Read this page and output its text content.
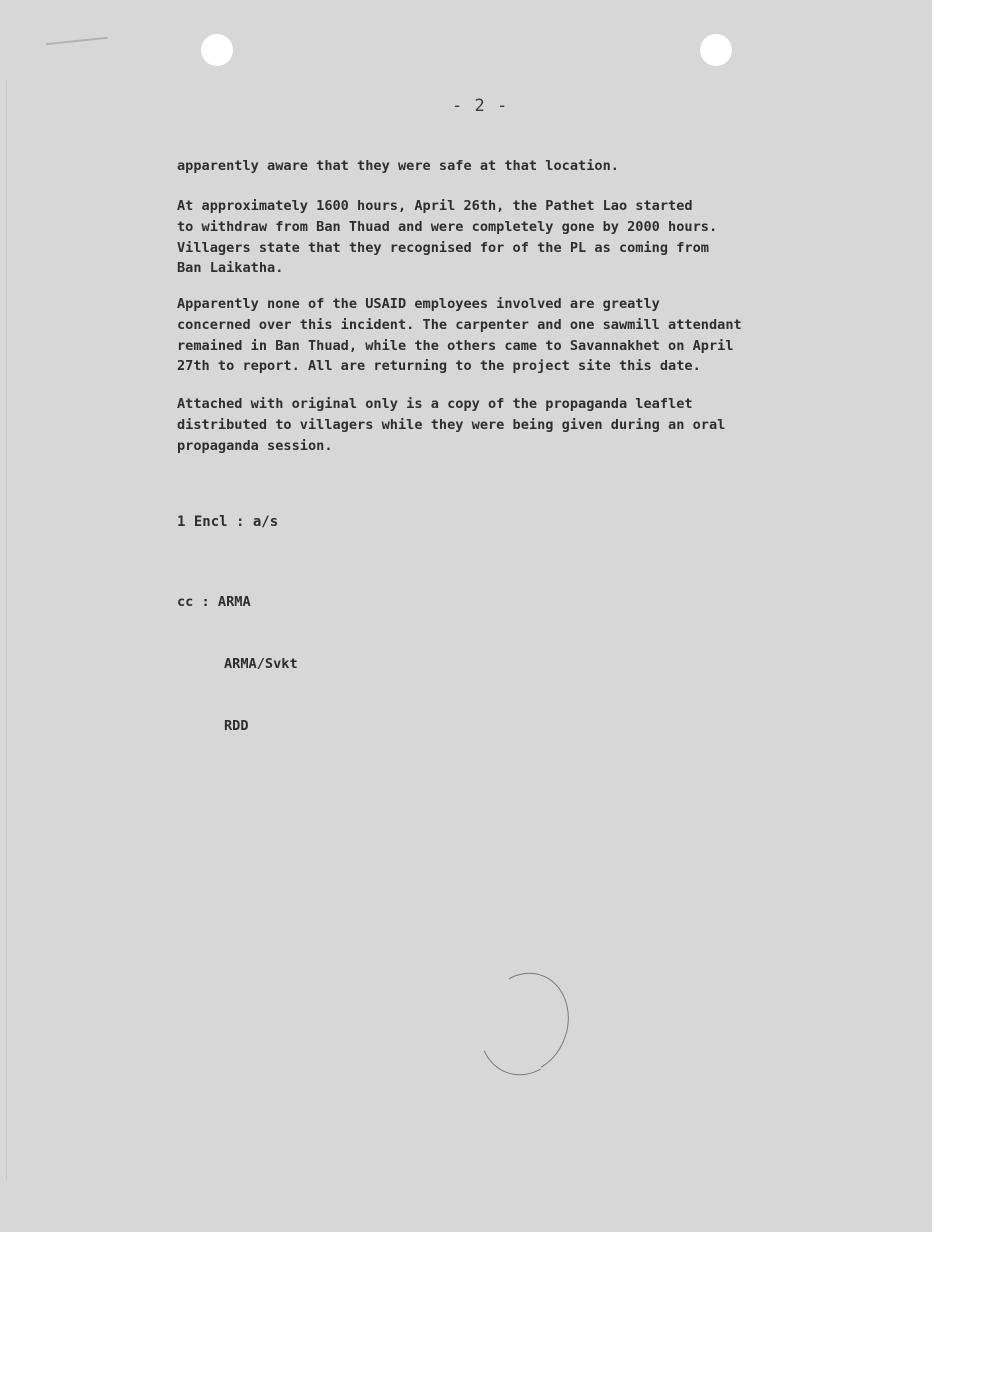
- 2 -
apparently aware that they were safe at that location.
At approximately 1600 hours, April 26th, the Pathet Lao started
to withdraw from Ban Thuad and were completely gone by 2000 hours.
Villagers state that they recognised for of the PL as coming from
Ban Laikatha.
Apparently none of the USAID employees involved are greatly
concerned over this incident. The carpenter and one sawmill attendant
remained in Ban Thuad, while the others came to Savannakhet on April
27th to report. All are returning to the project site this date.
Attached with original only is a copy of the propaganda leaflet
distributed to villagers while they were being given during an oral
propaganda session.
1 Encl : a/s

cc : ARMA

ARMA/Svkt

RDD
